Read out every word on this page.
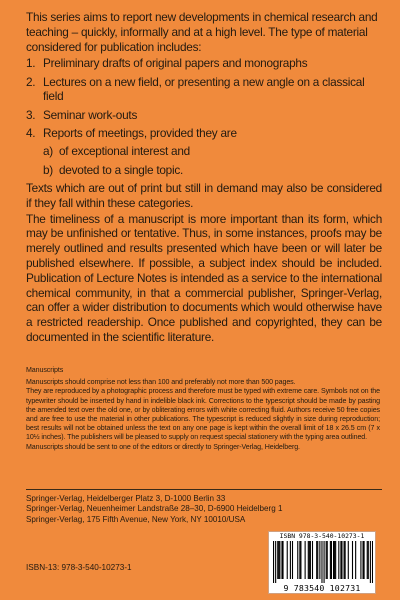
This series aims to report new developments in chemical research and teaching – quickly, informally and at a high level. The type of material considered for publication includes:

1. Preliminary drafts of original papers and monographs
2. Lectures on a new field, or presenting a new angle on a classical field
3. Seminar work-outs
4. Reports of meetings, provided they are
a) of exceptional interest and
b) devoted to a single topic.

Texts which are out of print but still in demand may also be considered if they fall within these categories.

The timeliness of a manuscript is more important than its form, which may be unfinished or tentative. Thus, in some instances, proofs may be merely outlined and results presented which have been or will later be published elsewhere. If possible, a subject index should be included. Publication of Lecture Notes is intended as a service to the international chemical community, in that a commercial publisher, Springer-Verlag, can offer a wider distribution to documents which would otherwise have a restricted readership. Once published and copyrighted, they can be documented in the scientific literature.

Manuscripts

Manuscripts should comprise not less than 100 and preferably not more than 500 pages.

They are reproduced by a photographic process and therefore must be typed with extreme care. Symbols not on the typewriter should be inserted by hand in indelible black ink. Corrections to the typescript should be made by pasting the amended text over the old one, or by obliterating errors with white correcting fluid. Authors receive 50 free copies and are free to use the material in other publications. The typescript is reduced slightly in size during reproduction; best results will not be obtained unless the text on any one page is kept within the overall limit of 18 x 26.5 cm (7 x 10½ inches). The publishers will be pleased to supply on request special stationery with the typing area outlined.

Manuscripts should be sent to one of the editors or directly to Springer-Verlag, Heidelberg.

Springer-Verlag, Heidelberger Platz 3, D-1000 Berlin 33
Springer-Verlag, Neuenheimer Landstraße 28–30, D-6900 Heidelberg 1
Springer-Verlag, 175 Fifth Avenue, New York, NY 10010/USA
ISBN-13: 978-3-540-10273-1
ISBN 978-3-540-10273-1
9 783540 102731
